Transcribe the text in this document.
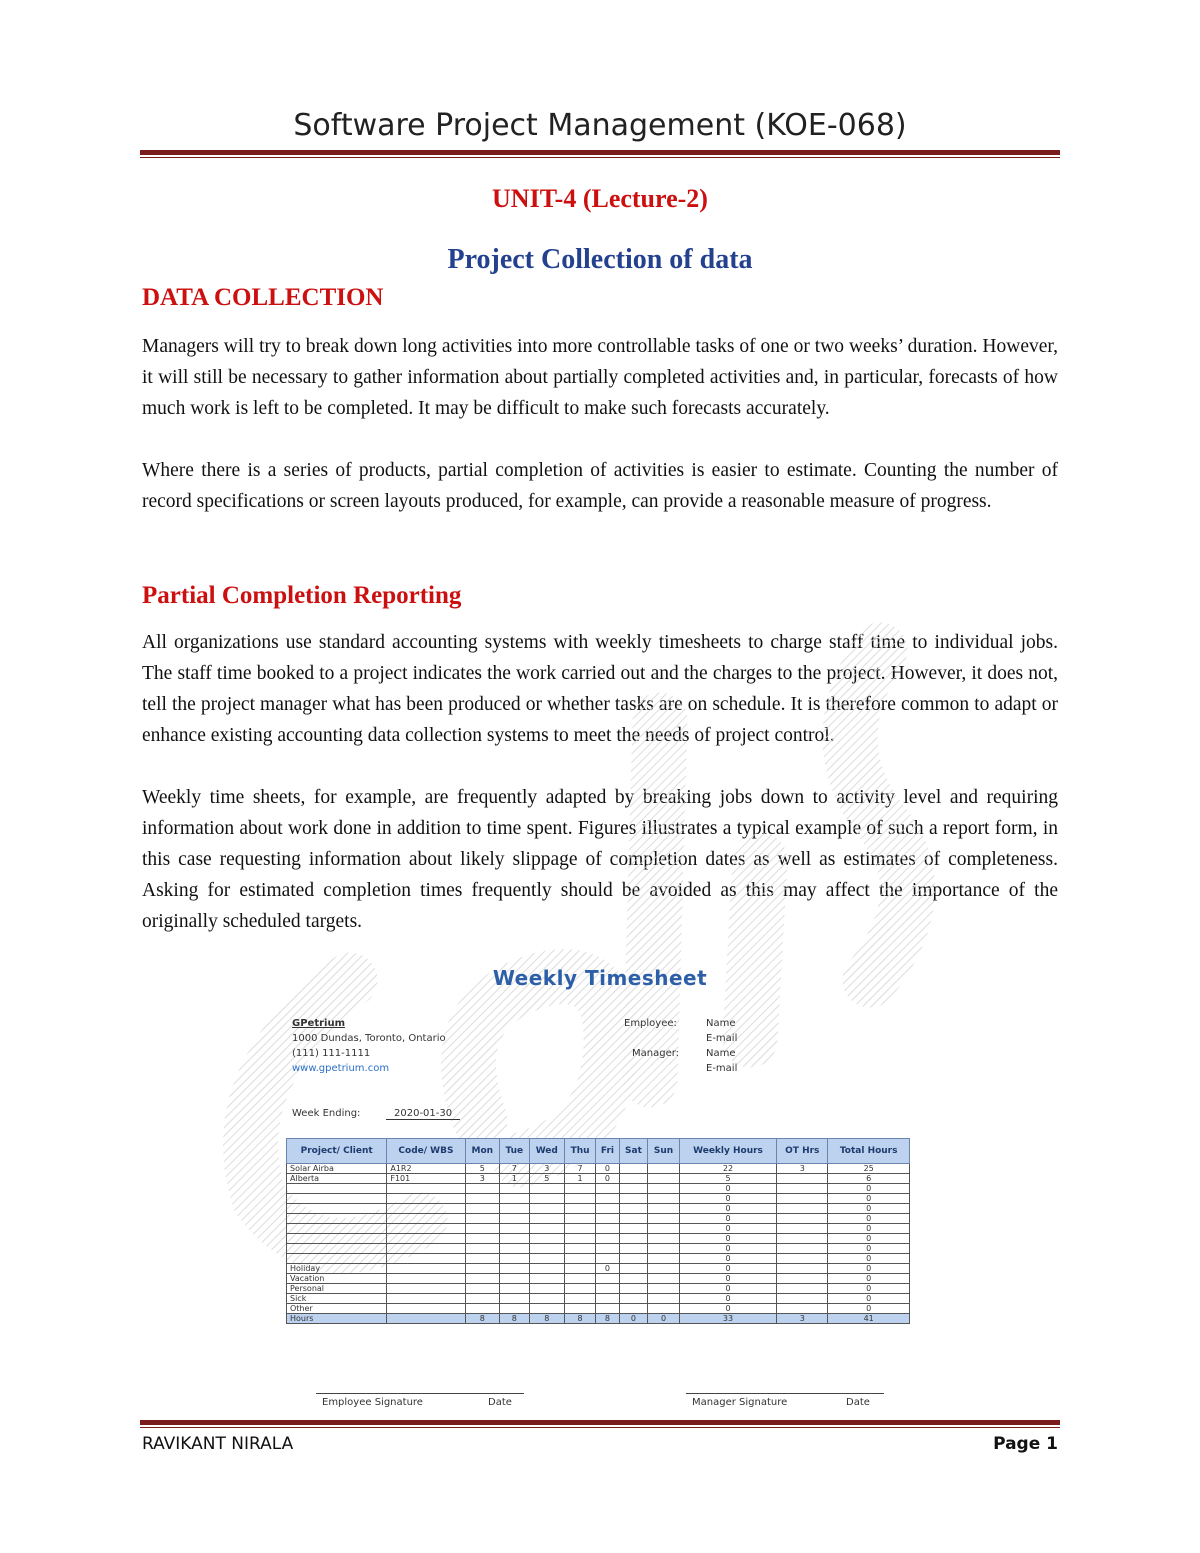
Software Project Management (KOE-068)
UNIT-4 (Lecture-2)
Project Collection of data
DATA COLLECTION
Managers will try to break down long activities into more controllable tasks of one or two weeks’ duration. However, it will still be necessary to gather information about partially completed activities and, in particular, forecasts of how much work is left to be completed. It may be difficult to make such forecasts accurately.
Where there is a series of products, partial completion of activities is easier to estimate. Counting the number of record specifications or screen layouts produced, for example, can provide a reasonable measure of progress.
Partial Completion Reporting
All organizations use standard accounting systems with weekly timesheets to charge staff time to individual jobs. The staff time booked to a project indicates the work carried out and the charges to the project. However, it does not, tell the project manager what has been produced or whether tasks are on schedule. It is therefore common to adapt or enhance existing accounting data collection systems to meet the needs of project control.
Weekly time sheets, for example, are frequently adapted by breaking jobs down to activity level and requiring information about work done in addition to time spent. Figures illustrates a typical example of such a report form, in this case requesting information about likely slippage of completion dates as well as estimates of completeness. Asking for estimated completion times frequently should be avoided as this may affect the importance of the originally scheduled targets.
Weekly Timesheet
GPetrium
1000 Dundas, Toronto, Ontario
(111) 111-1111
www.gpetrium.com
Employee:	Name
E-mail
Manager:	Name
E-mail
Week Ending:	2020-01-30
Project/ Client	Code/ WBS	Mon	Tue	Wed	Thu	Fri	Sat	Sun	Weekly Hours	OT Hrs	Total Hours
Solar Airba	A1R2	5	7	3	7	0			22	3	25
Alberta	F101	3	1	5	1	0			5		6
									0		0
									0		0
									0		0
									0		0
									0		0
									0		0
									0		0
									0		0
Holiday						0			0		0
Vacation									0		0
Personal									0		0
Sick									0		0
Other									0		0
Hours		8	8	8	8	8	0	0	33	3	41
Employee Signature	Date	Manager Signature	Date
RAVIKANT NIRALA	Page 1
